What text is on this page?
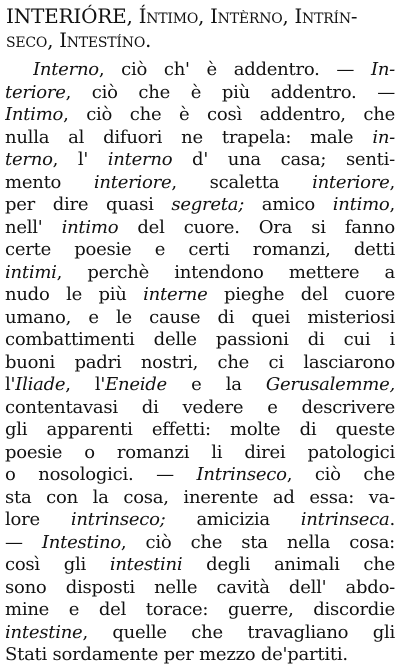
INTERIÓRE, Íntimo, Intèrno, Intrín-
seco, Intestíno.
Interno, ciò ch' è addentro. — In-
teriore, ciò che è più addentro. —
Intimo, ciò che è così addentro, che
nulla al difuori ne trapela: male in-
terno, l' interno d' una casa; senti-
mento interiore, scaletta interiore,
per dire quasi segreta; amico intimo,
nell' intimo del cuore. Ora si fanno
certe poesie e certi romanzi, detti
intimi, perchè intendono mettere a
nudo le più interne pieghe del cuore
umano, e le cause di quei misteriosi
combattimenti delle passioni di cui i
buoni padri nostri, che ci lasciarono
l'Iliade, l'Eneide e la Gerusalemme,
contentavasi di vedere e descrivere
gli apparenti effetti: molte di queste
poesie o romanzi li direi patologici
o nosologici. — Intrinseco, ciò che
sta con la cosa, inerente ad essa: va-
lore intrinseco; amicizia intrinseca.
— Intestino, ciò che sta nella cosa:
così gli intestini degli animali che
sono disposti nelle cavità dell' abdo-
mine e del torace: guerre, discordie
intestine, quelle che travagliano gli
Stati sordamente per mezzo de'partiti.
